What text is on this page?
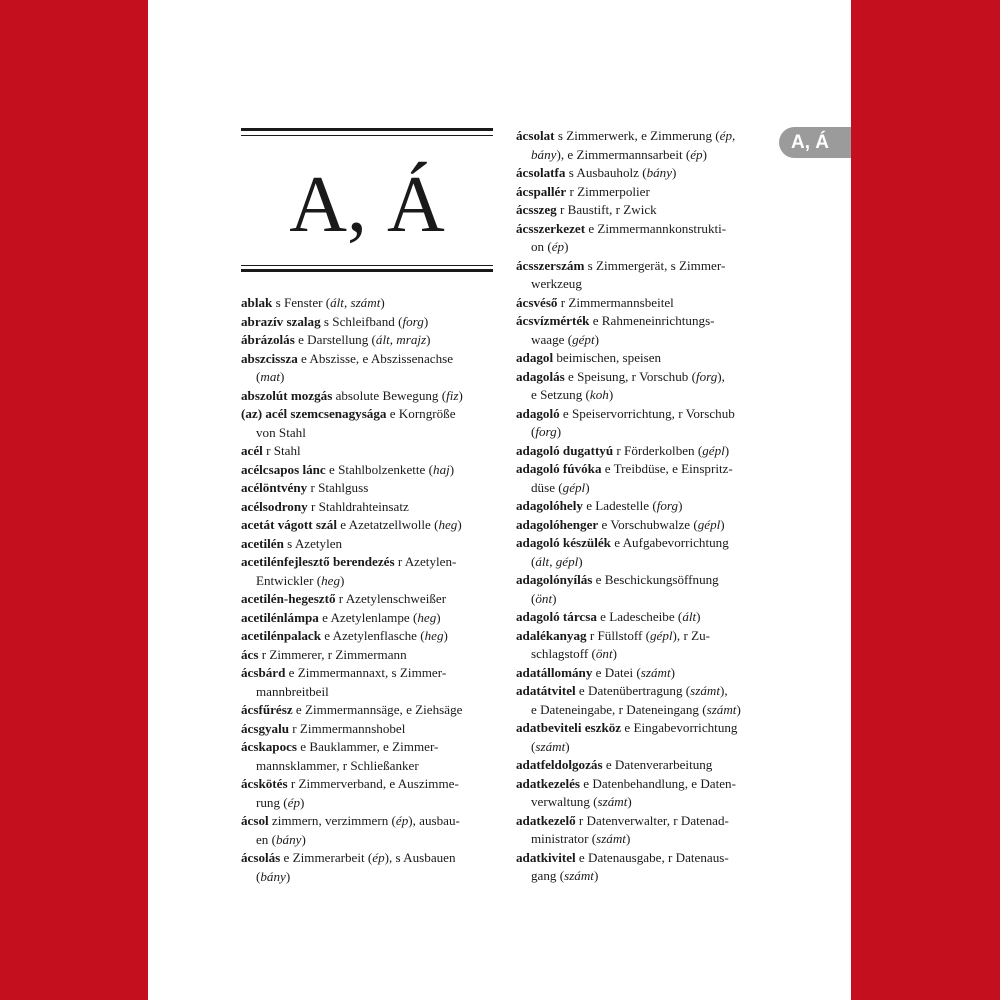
A, Á
A, Á
ablak s Fenster (ált, számt)
abrazív szalag s Schleifband (forg)
ábrázolás e Darstellung (ált, mrajz)
abszcissza e Abszisse, e Abszissenachse
(mat)
abszolút mozgás absolute Bewegung (fiz)
(az) acél szemcsenagysága e Korngröße
von Stahl
acél r Stahl
acélcsapos lánc e Stahlbolzenkette (haj)
acélöntvény r Stahlguss
acélsodrony r Stahldrahteinsatz
acetát vágott szál e Azetatzellwolle (heg)
acetilén s Azetylen
acetilénfejlesztő berendezés r Azetylen-
Entwickler (heg)
acetilén-hegesztő r Azetylenschweißer
acetilénlámpa e Azetylenlampe (heg)
acetilénpalack e Azetylenflasche (heg)
ács r Zimmerer, r Zimmermann
ácsbárd e Zimmermannaxt, s Zimmer-
mannbreitbeil
ácsfűrész e Zimmermannsäge, e Ziehsäge
ácsgyalu r Zimmermannshobel
ácskapocs e Bauklammer, e Zimmer-
mannsklammer, r Schließanker
ácskötés r Zimmerverband, e Auszimme-
rung (ép)
ácsol zimmern, verzimmern (ép), ausbau-
en (bány)
ácsolás e Zimmerarbeit (ép), s Ausbauen
(bány)
ácsolat s Zimmerwerk, e Zimmerung (ép,
bány), e Zimmermannsarbeit (ép)
ácsolatfa s Ausbauholz (bány)
ácspallér r Zimmerpolier
ácsszeg r Baustift, r Zwick
ácsszerkezet e Zimmermannkonstrukti-
on (ép)
ácsszerszám s Zimmergerät, s Zimmer-
werkzeug
ácsvéső r Zimmermannsbeitel
ácsvízmérték e Rahmeneinrichtungs-
waage (gépt)
adagol beimischen, speisen
adagolás e Speisung, r Vorschub (forg),
e Setzung (koh)
adagoló e Speiservorrichtung, r Vorschub
(forg)
adagoló dugattyú r Förderkolben (gépl)
adagoló fúvóka e Treibdüse, e Einspritz-
düse (gépl)
adagolóhely e Ladestelle (forg)
adagolóhenger e Vorschubwalze (gépl)
adagoló készülék e Aufgabevorrichtung
(ált, gépl)
adagolónyílás e Beschickungsöffnung
(önt)
adagoló tárcsa e Ladescheibe (ált)
adalékanyag r Füllstoff (gépl), r Zu-
schlagstoff (önt)
adatállomány e Datei (számt)
adatátvitel e Datenübertragung (számt),
e Dateneingabe, r Dateneingang (számt)
adatbeviteli eszköz e Eingabevorrichtung
(számt)
adatfeldolgozás e Datenverarbeitung
adatkezelés e Datenbehandlung, e Daten-
verwaltung (számt)
adatkezelő r Datenverwalter, r Datenad-
ministrator (számt)
adatkivitel e Datenausgabe, r Datenaus-
gang (számt)
